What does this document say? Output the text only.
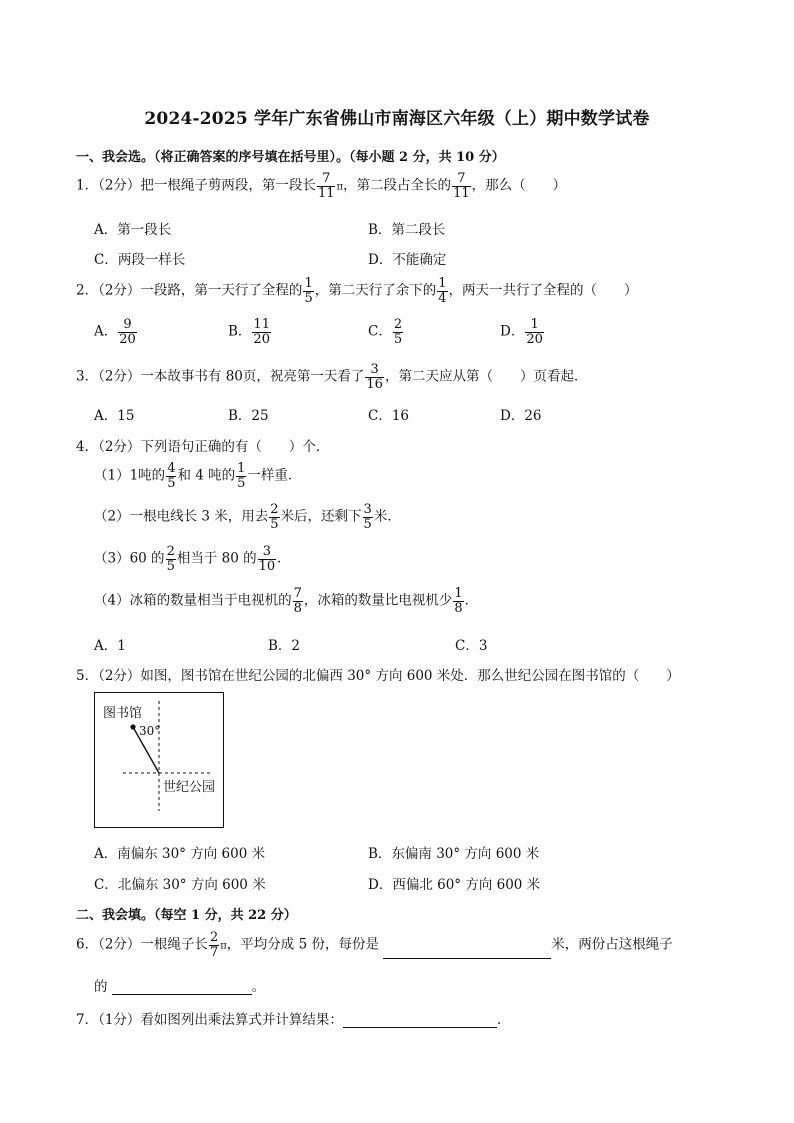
2024-2025 学年广东省佛山市南海区六年级（上）期中数学试卷
一、我会选。（将正确答案的序号填在括号里）。（每小题 2 分，共 10 分）
1．（2分）把一根绳子剪两段，第一段长 $\frac{7}{11}$ π，第二段占全长的 $\frac{7}{11}$ ，那么（　　）
A．第一段长	B．第二段长
C．两段一样长	D．不能确定
2．（2分）一段路，第一天行了全程的 $\frac{1}{5}$ ，第二天行了余下的 $\frac{1}{4}$ ，两天一共行了全程的（　　）
A． $\frac{9}{20}$	B． $\frac{11}{20}$	C． $\frac{2}{5}$	D． $\frac{1}{20}$
3．（2分）一本故事书有 80页，祝亮第一天看了 $\frac{3}{16}$ ，第二天应从第（　　）页看起．
A．15	B．25	C．16	D．26
4．（2分）下列语句正确的有（　　）个．
（1）1吨的 $\frac{4}{5}$ 和 4 吨的 $\frac{1}{5}$ 一样重．
（2）一根电线长 3 米，用去 $\frac{2}{5}$ 米后，还剩下 $\frac{3}{5}$ 米．
（3）60 的 $\frac{2}{5}$ 相当于 80 的 $\frac{3}{10}$ ．
（4）冰箱的数量相当于电视机的 $\frac{7}{8}$ ，冰箱的数量比电视机少 $\frac{1}{8}$ ．
A．1	B．2	C．3
5．（2分）如图，图书馆在世纪公园的北偏西 30° 方向 600 米处．那么世纪公园在图书馆的（　　）
图书馆
30°
世纪公园
A．南偏东 30° 方向 600 米	B．东偏南 30° 方向 600 米
C．北偏东 30° 方向 600 米	D．西偏北 60° 方向 600 米
二、我会填。（每空 1 分，共 22 分）
6．（2分）一根绳子长 $\frac{2}{7}$ π，平均分成 5 份，每份是	米，两份占这根绳子
的	。
7．（1分）看如图列出乘法算式并计算结果：	．
